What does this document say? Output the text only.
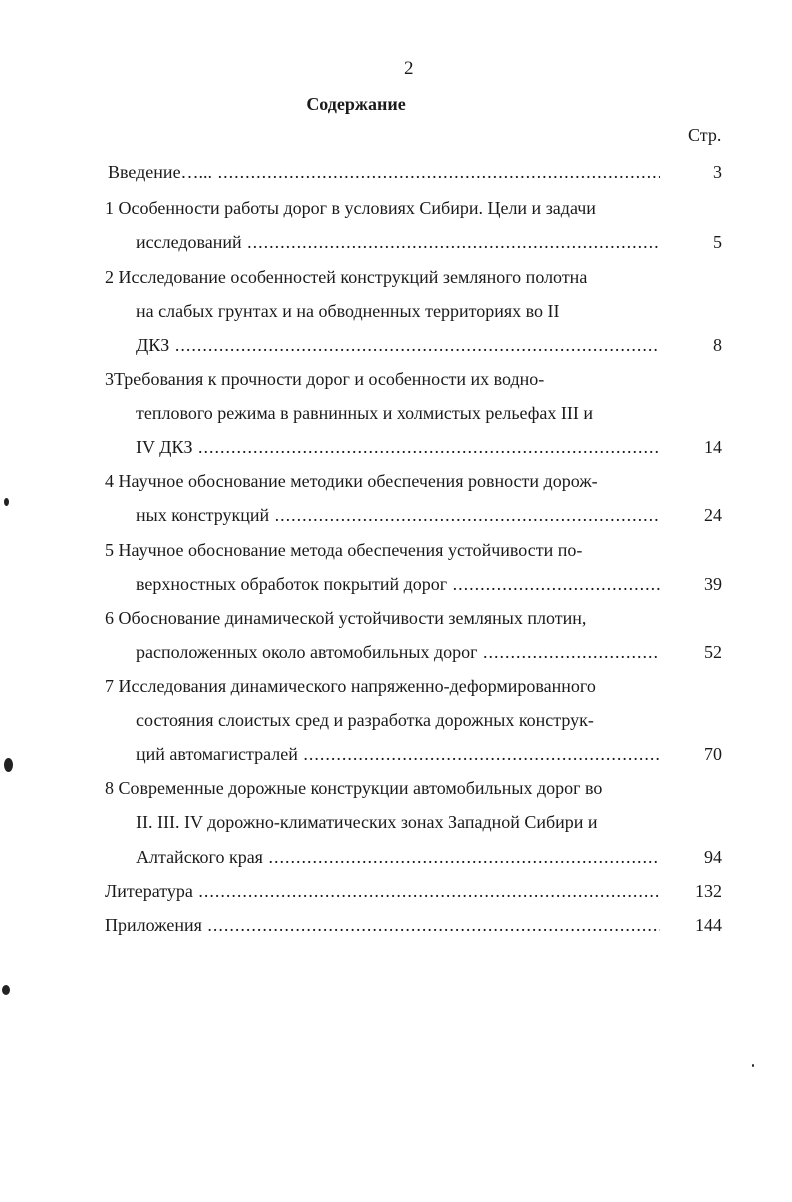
2
Содержание
Стр.
Введение…... .....	3
1 Особенности работы дорог в условиях Сибири. Цели и задачи
исследований .....	5
2 Исследование особенностей конструкций земляного полотна
на слабых грунтах и на обводненных территориях во II
ДКЗ .....	8
3Требования к прочности дорог и особенности их водно-
теплового режима в равнинных и холмистых рельефах III и
IV ДКЗ .....	14
4 Научное обоснование методики обеспечения ровности дорож-
ных конструкций .....	24
5 Научное обоснование метода обеспечения устойчивости по-
верхностных обработок покрытий дорог .....	39
6 Обоснование динамической устойчивости земляных плотин,
расположенных около автомобильных дорог .....	52
7 Исследования динамического напряженно-деформированного
состояния слоистых сред и разработка дорожных конструк-
ций автомагистралей .....	70
8 Современные дорожные конструкции автомобильных дорог во
II. III. IV дорожно-климатических зонах Западной Сибири и
Алтайского края .....	94
Литература .....	132
Приложения .....	144
